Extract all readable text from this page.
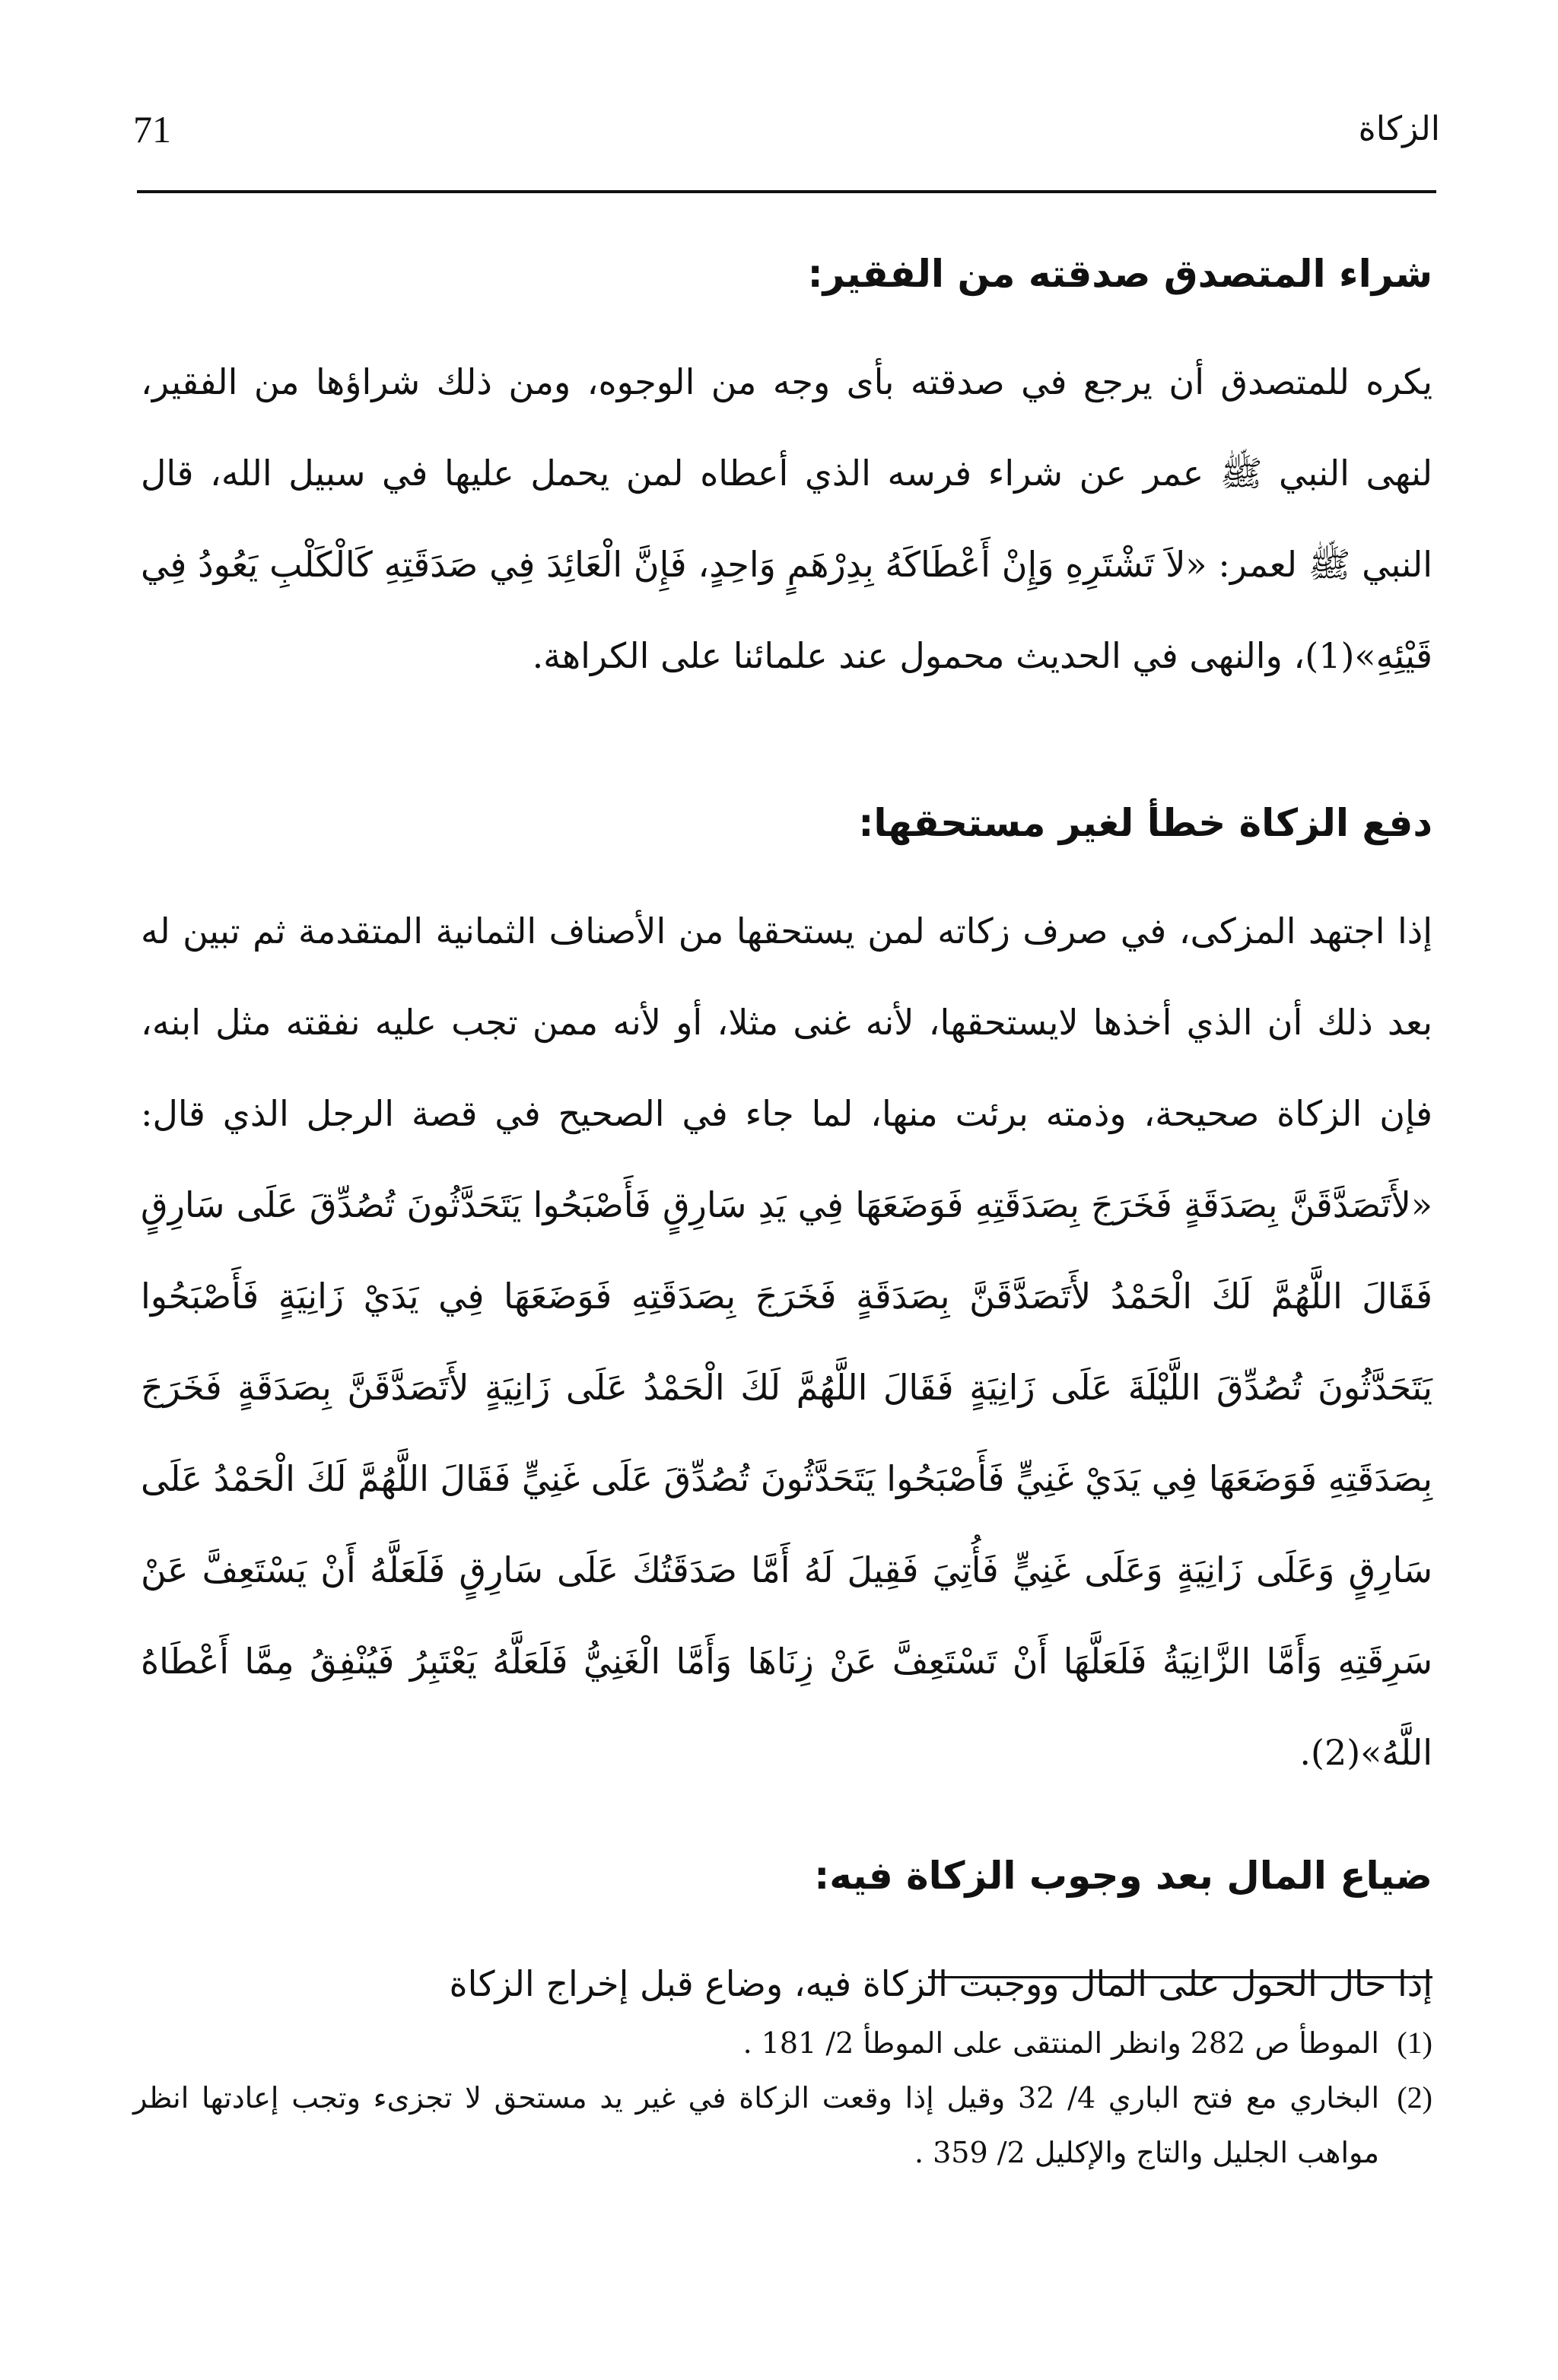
71	الزكاة
شراء المتصدق صدقته من الفقير:

يكره للمتصدق أن يرجع في صدقته بأى وجه من الوجوه، ومن ذلك شراؤها من الفقير، لنهى النبي ﷺ عمر عن شراء فرسه الذي أعطاه لمن يحمل عليها في سبيل الله، قال النبي ﷺ لعمر: «لاَ تَشْتَرِهِ وَإِنْ أَعْطَاكَهُ بِدِرْهَمٍ وَاحِدٍ، فَإِنَّ الْعَائِدَ فِي صَدَقَتِهِ كَالْكَلْبِ يَعُودُ فِي قَيْئِهِ»(1)، والنهى في الحديث محمول عند علمائنا على الكراهة.

دفع الزكاة خطأ لغير مستحقها:

إذا اجتهد المزكى، في صرف زكاته لمن يستحقها من الأصناف الثمانية المتقدمة ثم تبين له بعد ذلك أن الذي أخذها لايستحقها، لأنه غنى مثلا، أو لأنه ممن تجب عليه نفقته مثل ابنه، فإن الزكاة صحيحة، وذمته برئت منها، لما جاء في الصحيح في قصة الرجل الذي قال: «لأَتَصَدَّقَنَّ بِصَدَقَةٍ فَخَرَجَ بِصَدَقَتِهِ فَوَضَعَهَا فِي يَدِ سَارِقٍ فَأَصْبَحُوا يَتَحَدَّثُونَ تُصُدِّقَ عَلَى سَارِقٍ فَقَالَ اللَّهُمَّ لَكَ الْحَمْدُ لأَتَصَدَّقَنَّ بِصَدَقَةٍ فَخَرَجَ بِصَدَقَتِهِ فَوَضَعَهَا فِي يَدَيْ زَانِيَةٍ فَأَصْبَحُوا يَتَحَدَّثُونَ تُصُدِّقَ اللَّيْلَةَ عَلَى زَانِيَةٍ فَقَالَ اللَّهُمَّ لَكَ الْحَمْدُ عَلَى زَانِيَةٍ لأَتَصَدَّقَنَّ بِصَدَقَةٍ فَخَرَجَ بِصَدَقَتِهِ فَوَضَعَهَا فِي يَدَيْ غَنِيٍّ فَأَصْبَحُوا يَتَحَدَّثُونَ تُصُدِّقَ عَلَى غَنِيٍّ فَقَالَ اللَّهُمَّ لَكَ الْحَمْدُ عَلَى سَارِقٍ وَعَلَى زَانِيَةٍ وَعَلَى غَنِيٍّ فَأُتِيَ فَقِيلَ لَهُ أَمَّا صَدَقَتُكَ عَلَى سَارِقٍ فَلَعَلَّهُ أَنْ يَسْتَعِفَّ عَنْ سَرِقَتِهِ وَأَمَّا الزَّانِيَةُ فَلَعَلَّهَا أَنْ تَسْتَعِفَّ عَنْ زِنَاهَا وَأَمَّا الْغَنِيُّ فَلَعَلَّهُ يَعْتَبِرُ فَيُنْفِقُ مِمَّا أَعْطَاهُ اللَّهُ»(2).

ضياع المال بعد وجوب الزكاة فيه:

إذا حال الحول على المال ووجبت الزكاة فيه، وضاع قبل إخراج الزكاة

(1)
الموطأ ص 282 وانظر المنتقى على الموطأ 2/ 181 .

(2)
البخاري مع فتح الباري 4/ 32 وقيل إذا وقعت الزكاة في غير يد مستحق لا تجزىء وتجب إعادتها انظر مواهب الجليل والتاج والإكليل 2/ 359 .
